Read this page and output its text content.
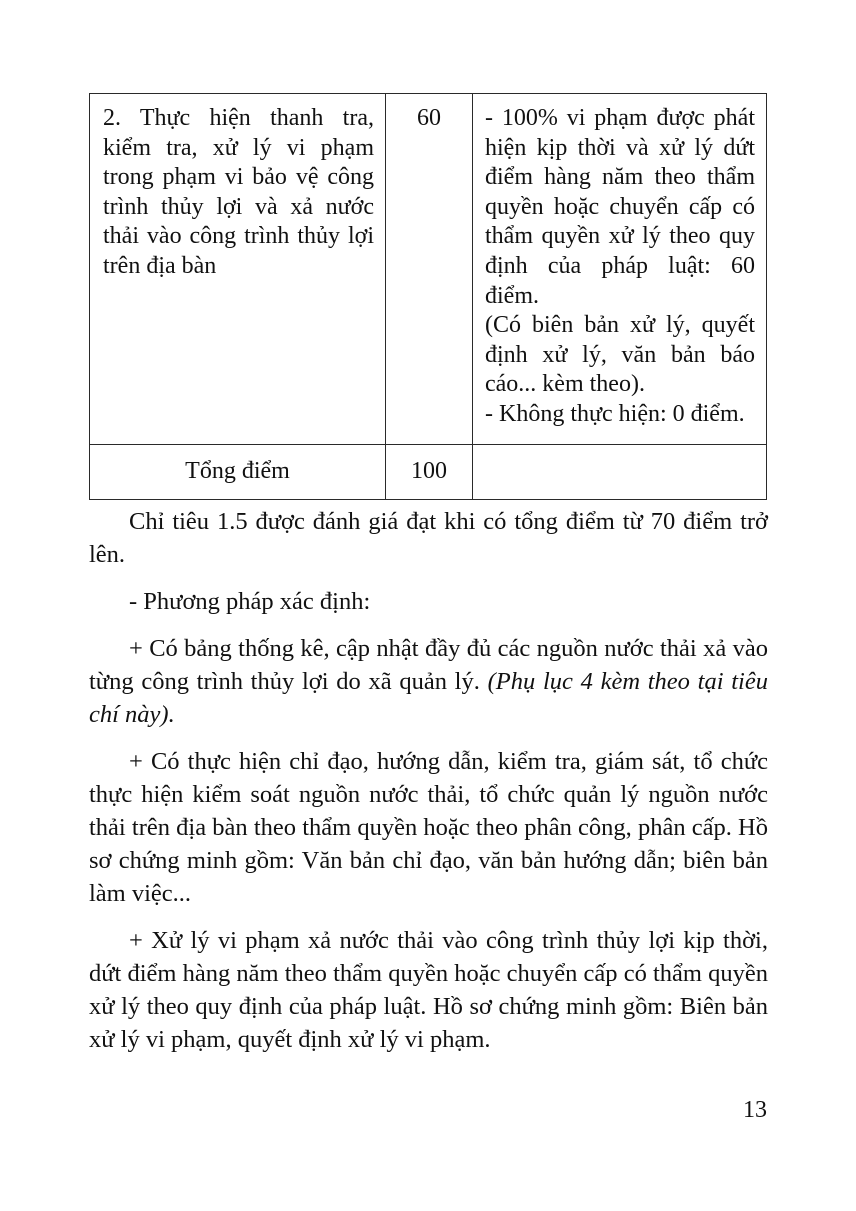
2. Thực hiện thanh tra, kiểm tra, xử lý vi phạm trong phạm vi bảo vệ công trình thủy lợi và xả nước thải vào công trình thủy lợi trên địa bàn	60	- 100% vi phạm được phát hiện kịp thời và xử lý dứt điểm hàng năm theo thẩm quyền hoặc chuyển cấp có thẩm quyền xử lý theo quy định của pháp luật: 60 điểm.
(Có biên bản xử lý, quyết định xử lý, văn bản báo cáo... kèm theo).
- Không thực hiện: 0 điểm.

Tổng điểm	100	

Chỉ tiêu 1.5 được đánh giá đạt khi có tổng điểm từ 70 điểm trở lên.

- Phương pháp xác định:

+ Có bảng thống kê, cập nhật đầy đủ các nguồn nước thải xả vào từng công trình thủy lợi do xã quản lý. (Phụ lục 4 kèm theo tại tiêu chí này).

+ Có thực hiện chỉ đạo, hướng dẫn, kiểm tra, giám sát, tổ chức thực hiện kiểm soát nguồn nước thải, tổ chức quản lý nguồn nước thải trên địa bàn theo thẩm quyền hoặc theo phân công, phân cấp. Hồ sơ chứng minh gồm: Văn bản chỉ đạo, văn bản hướng dẫn; biên bản làm việc...

+ Xử lý vi phạm xả nước thải vào công trình thủy lợi kịp thời, dứt điểm hàng năm theo thẩm quyền hoặc chuyển cấp có thẩm quyền xử lý theo quy định của pháp luật. Hồ sơ chứng minh gồm: Biên bản xử lý vi phạm, quyết định xử lý vi phạm.

13
